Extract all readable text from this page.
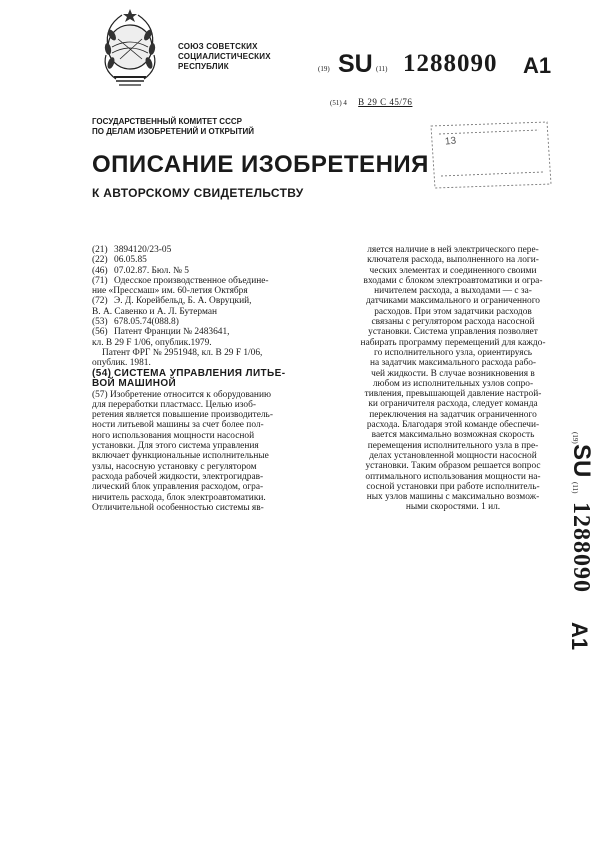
СОЮЗ СОВЕТСКИХ
СОЦИАЛИСТИЧЕСКИХ
РЕСПУБЛИК	(19) SU (11) 1288090 A1
(51) 4 В 29 С 45/76

ГОСУДАРСТВЕННЫЙ КОМИТЕТ СССР
ПО ДЕЛАМ ИЗОБРЕТЕНИЙ И ОТКРЫТИЙ

13
ОПИСАНИЕ ИЗОБРЕТЕНИЯ
К АВТОРСКОМУ СВИДЕТЕЛЬСТВУ
(21) 3894120/23-05
(22) 06.05.85
(46) 07.02.87. Бюл. № 5
(71) Одесское производственное объедине-
ние «Прессмаш» им. 60-летия Октября
(72) Э. Д. Корейбельд, Б. А. Овруцкий,
В. А. Савенко и А. Л. Бутерман
(53) 678.05.74(088.8)
(56) Патент Франции № 2483641,
кл. В 29 F 1/06, опублик.1979.
Патент ФРГ № 2951948, кл. В 29 F 1/06,
опублик. 1981.
(54) СИСТЕМА УПРАВЛЕНИЯ ЛИТЬЕ-
ВОЙ МАШИНОЙ
(57) Изобретение относится к оборудованию
для переработки пластмасс. Целью изоб-
ретения является повышение производитель-
ности литьевой машины за счет более пол-
ного использования мощности насосной
установки. Для этого система управления
включает функциональные исполнительные
узлы, насосную установку с регулятором
расхода рабочей жидкости, электрогидрав-
лический блок управления расходом, огра-
ничитель расхода, блок электроавтоматики.
Отличительной особенностью системы яв-
ляется наличие в ней электрического пере-
ключателя расхода, выполненного на логи-
ческих элементах и соединенного своими
входами с блоком электроавтоматики и огра-
ничителем расхода, а выходами — с за-
датчиками максимального и ограниченного
расходов. При этом задатчики расходов
связаны с регулятором расхода насосной
установки. Система управления позволяет
набирать программу перемещений для каждо-
го исполнительного узла, ориентируясь
на задатчик максимального расхода рабо-
чей жидкости. В случае возникновения в
любом из исполнительных узлов сопро-
тивления, превышающей давление настрой-
ки ограничителя расхода, следует команда
переключения на задатчик ограниченного
расхода. Благодаря этой команде обеспечи-
вается максимально возможная скорость
перемещения исполнительного узла в пре-
делах установленной мощности насосной
установки. Таким образом решается вопрос
оптимального использования мощности на-
сосной установки при работе исполнитель-
ных узлов машины с максимально возмож-
ными скоростями. 1 ил.
(19)
SU
(11)
1288090
A1
